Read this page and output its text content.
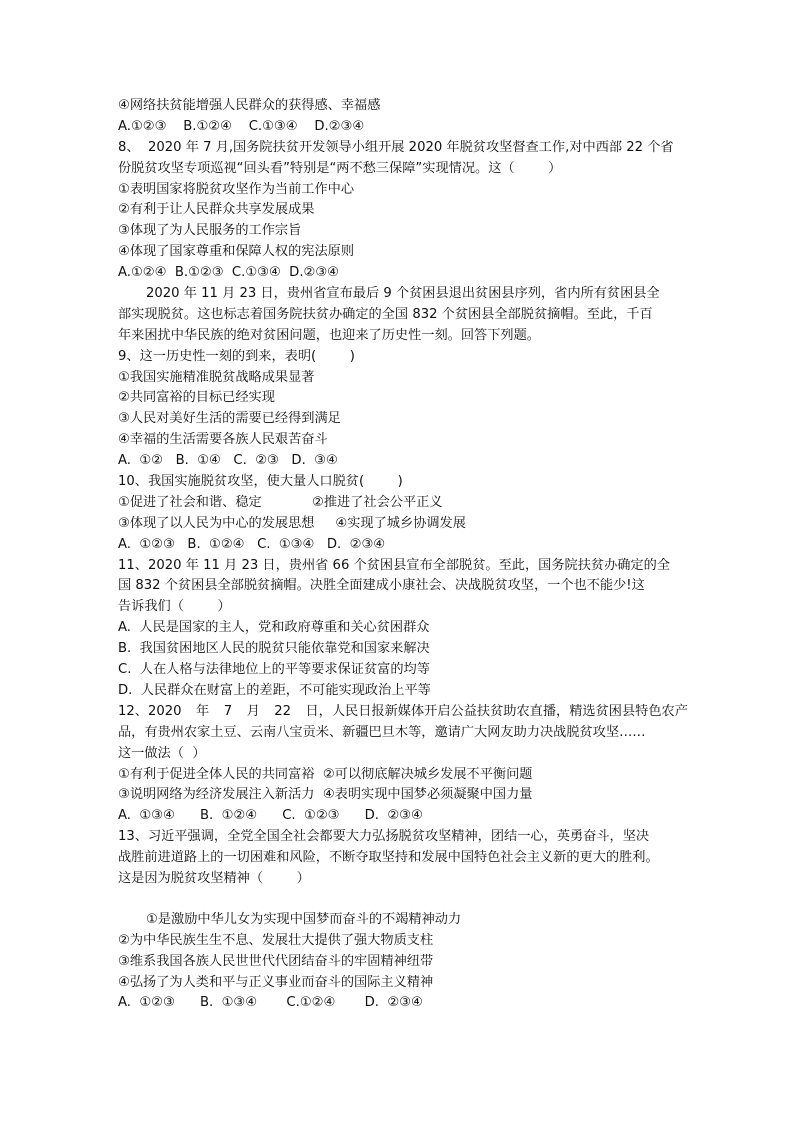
④网络扶贫能增强人民群众的获得感、幸福感
A.①②③    B.①②④    C.①③④    D.②③④
8、  2020 年 7 月,国务院扶贫开发领导小组开展 2020 年脱贫攻坚督查工作,对中西部 22 个省
份脱贫攻坚专项巡视“回头看”特别是“两不愁三保障”实现情况。这（        ）
①表明国家将脱贫攻坚作为当前工作中心
②有利于让人民群众共享发展成果
③体现了为人民服务的工作宗旨
④体现了国家尊重和保障人权的宪法原则
A.①②④  B.①②③  C.①③④  D.②③④
2020 年 11 月 23 日，贵州省宣布最后 9 个贫困县退出贫困县序列，省内所有贫困县全
部实现脱贫。这也标志着国务院扶贫办确定的全国 832 个贫困县全部脱贫摘帽。至此，千百
年来困扰中华民族的绝对贫困问题，也迎来了历史性一刻。回答下列题。
9、这一历史性一刻的到来，表明(        )
①我国实施精准脱贫战略成果显著
②共同富裕的目标已经实现
③人民对美好生活的需要已经得到满足
④幸福的生活需要各族人民艰苦奋斗
A.  ①②   B.  ①④   C.  ②③   D.  ③④
10、我国实施脱贫攻坚，使大量人口脱贫(        )
①促进了社会和谐、稳定            ②推进了社会公平正义
③体现了以人民为中心的发展思想     ④实现了城乡协调发展
A.  ①②③   B.  ①②④   C.  ①③④   D.  ②③④
11、2020 年 11 月 23 日，贵州省 66 个贫困县宣布全部脱贫。至此，国务院扶贫办确定的全
国 832 个贫困县全部脱贫摘帽。决胜全面建成小康社会、决战脱贫攻坚，一个也不能少!这
告诉我们（        ）
A.  人民是国家的主人，党和政府尊重和关心贫困群众
B.  我国贫困地区人民的脱贫只能依靠党和国家来解决
C.  人在人格与法律地位上的平等要求保证贫富的均等
D.  人民群众在财富上的差距，不可能实现政治上平等
12、2020 年 7 月 22 日，人民日报新媒体开启公益扶贫助农直播，精选贫困县特色农产
品，有贵州农家土豆、云南八宝贡米、新疆巴旦木等，邀请广大网友助力决战脱贫攻坚……
这一做法（  ）
①有利于促进全体人民的共同富裕  ②可以彻底解决城乡发展不平衡问题
③说明网络为经济发展注入新活力  ④表明实现中国梦必须凝聚中国力量
A.  ①③④      B.  ①②④      C.  ①②③      D.  ②③④
13、习近平强调，全党全国全社会都要大力弘扬脱贫攻坚精神，团结一心，英勇奋斗，坚决
战胜前进道路上的一切困难和风险，不断夺取坚持和发展中国特色社会主义新的更大的胜利。
这是因为脱贫攻坚精神（        ）
①是激励中华儿女为实现中国梦而奋斗的不竭精神动力
②为中华民族生生不息、发展壮大提供了强大物质支柱
③维系我国各族人民世世代代团结奋斗的牢固精神纽带
④弘扬了为人类和平与正义事业而奋斗的国际主义精神
A.  ①②③      B.  ①③④       C.①②④       D.  ②③④
